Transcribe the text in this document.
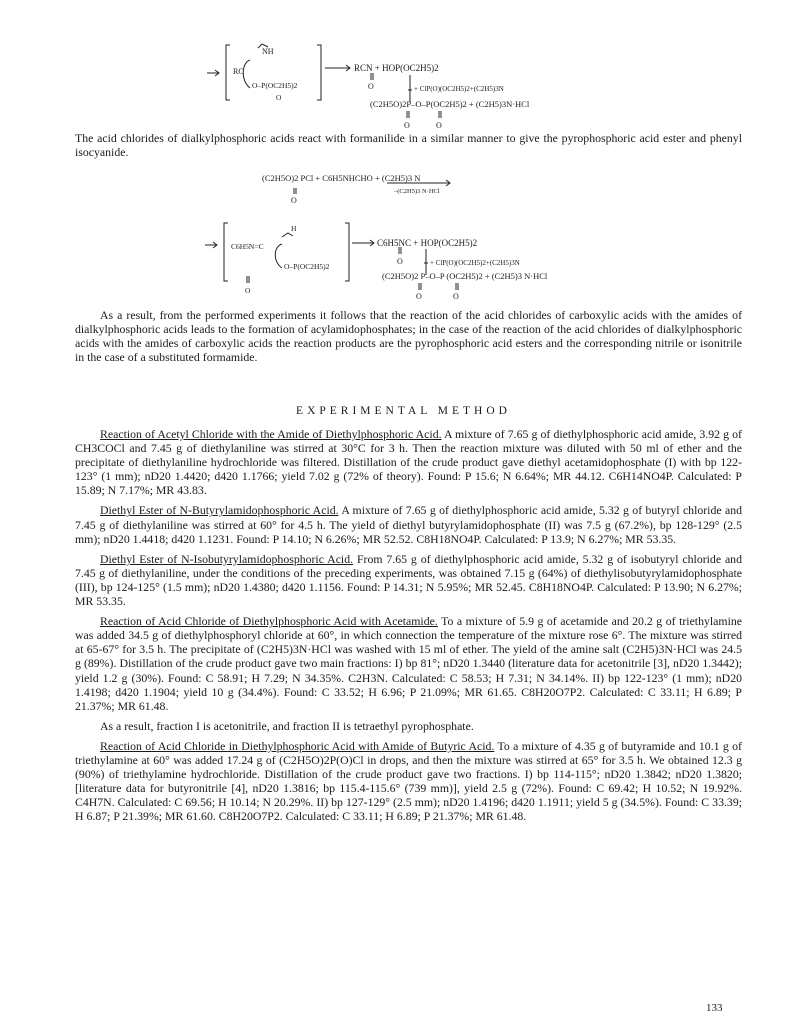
NH
RC
O–P(OC2H5)2
O
RCN + HOP(OC2H5)2
O	+ ClP(O)(OC2H5)2+(C2H5)3N
(C2H5O)2P–O–P(OC2H5)2 + (C2H5)3N·HCl
O	O

The acid chlorides of dialkylphosphoric acids react with formanilide in a similar manner to give the pyrophosphoric acid ester and phenyl isocyanide.

(C2H5O)2 PCl + C6H5NHCHO + (C2H5)3 N
O
–(C2H5)3 N·HCl
H
C6H5N=C
O–P(OC2H5)2
O
C6H5NC + HOP(OC2H5)2
O	+ ClP(O)(OC2H5)2+(C2H5)3N
(C2H5O)2 P–O–P (OC2H5)2 + (C2H5)3 N·HCl
O	O

As a result, from the performed experiments it follows that the reaction of the acid chlorides of carboxylic acids with the amides of dialkylphosphoric acids leads to the formation of acylamidophosphates; in the case of the reaction of the acid chlorides of dialkylphosphoric acids with the amides of carboxylic acids the reaction products are the pyrophosphoric acid esters and the corresponding nitrile or isonitrile in the case of a substituted formamide.

EXPERIMENTAL METHOD

Reaction of Acetyl Chloride with the Amide of Diethylphosphoric Acid. A mixture of 7.65 g of diethylphosphoric acid amide, 3.92 g of CH3COCl and 7.45 g of diethylaniline was stirred at 30°C for 3 h. Then the reaction mixture was diluted with 50 ml of ether and the precipitate of diethylaniline hydrochloride was filtered. Distillation of the crude product gave diethyl acetamidophosphate (I) with bp 122-123° (1 mm); nD20 1.4420; d420 1.1766; yield 7.02 g (72% of theory). Found: P 15.6; N 6.64%; MR 44.12. C6H14NO4P. Calculated: P 15.89; N 7.17%; MR 43.83.

Diethyl Ester of N-Butyrylamidophosphoric Acid. A mixture of 7.65 g of diethylphosphoric acid amide, 5.32 g of butyryl chloride and 7.45 g of diethylaniline was stirred at 60° for 4.5 h. The yield of diethyl butyrylamidophosphate (II) was 7.5 g (67.2%), bp 128-129° (2.5 mm); nD20 1.4418; d420 1.1231. Found: P 14.10; N 6.26%; MR 52.52. C8H18NO4P. Calculated: P 13.9; N 6.27%; MR 53.35.

Diethyl Ester of N-Isobutyrylamidophosphoric Acid. From 7.65 g of diethylphosphoric acid amide, 5.32 g of isobutyryl chloride and 7.45 g of diethylaniline, under the conditions of the preceding experiments, was obtained 7.15 g (64%) of diethylisobutyrylamidophosphate (III), bp 124-125° (1.5 mm); nD20 1.4380; d420 1.1156. Found: P 14.31; N 5.95%; MR 52.45. C8H18NO4P. Calculated: P 13.90; N 6.27%; MR 53.35.

Reaction of Acid Chloride of Diethylphosphoric Acid with Acetamide. To a mixture of 5.9 g of acetamide and 20.2 g of triethylamine was added 34.5 g of diethylphosphoryl chloride at 60°, in which connection the temperature of the mixture rose 6°. The mixture was stirred at 65-67° for 3.5 h. The precipitate of (C2H5)3N·HCl was washed with 15 ml of ether. The yield of the amine salt (C2H5)3N·HCl was 24.5 g (89%). Distillation of the crude product gave two main fractions: I) bp 81°; nD20 1.3440 (literature data for acetonitrile [3], nD20 1.3442); yield 1.2 g (30%). Found: C 58.91; H 7.29; N 34.35%. C2H3N. Calculated: C 58.53; H 7.31; N 34.14%. II) bp 122-123° (1 mm); nD20 1.4198; d420 1.1904; yield 10 g (34.4%). Found: C 33.52; H 6.96; P 21.09%; MR 61.65. C8H20O7P2. Calculated: C 33.11; H 6.89; P 21.37%; MR 61.48.

As a result, fraction I is acetonitrile, and fraction II is tetraethyl pyrophosphate.

Reaction of Acid Chloride in Diethylphosphoric Acid with Amide of Butyric Acid. To a mixture of 4.35 g of butyramide and 10.1 g of triethylamine at 60° was added 17.24 g of (C2H5O)2P(O)Cl in drops, and then the mixture was stirred at 65° for 3.5 h. We obtained 12.3 g (90%) of triethylamine hydrochloride. Distillation of the crude product gave two fractions. I) bp 114-115°; nD20 1.3842; nD20 1.3820; [literature data for butyronitrile [4], nD20 1.3816; bp 115.4-115.6° (739 mm)], yield 2.5 g (72%). Found: C 69.42; H 10.52; N 19.92%. C4H7N. Calculated: C 69.56; H 10.14; N 20.29%. II) bp 127-129° (2.5 mm); nD20 1.4196; d420 1.1911; yield 5 g (34.5%). Found: C 33.39; H 6.87; P 21.39%; MR 61.60. C8H20O7P2. Calculated: C 33.11; H 6.89; P 21.37%; MR 61.48.

133
